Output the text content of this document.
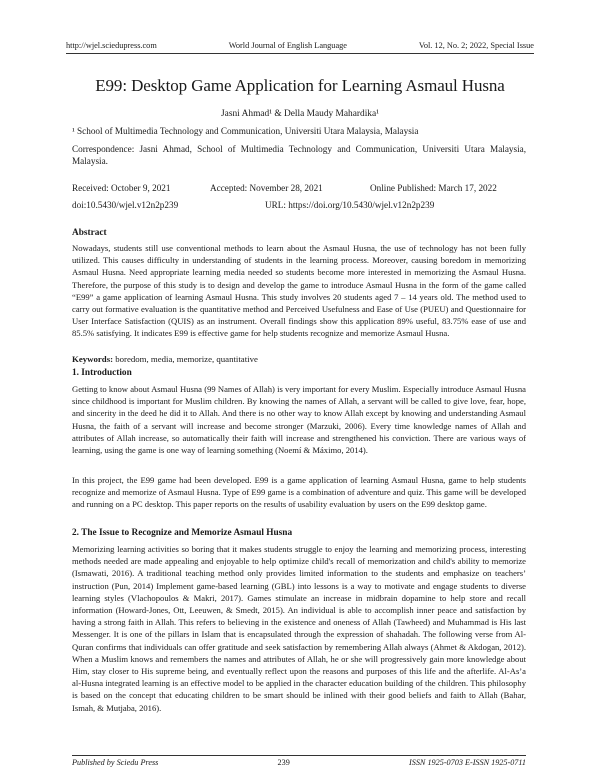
http://wjel.sciedupress.com	World Journal of English Language	Vol. 12, No. 2; 2022, Special Issue
E99: Desktop Game Application for Learning Asmaul Husna
Jasni Ahmad¹ & Della Maudy Mahardika¹
¹ School of Multimedia Technology and Communication, Universiti Utara Malaysia, Malaysia
Correspondence: Jasni Ahmad, School of Multimedia Technology and Communication, Universiti Utara Malaysia, Malaysia.
Received: October 9, 2021	Accepted: November 28, 2021	Online Published: March 17, 2022
doi:10.5430/wjel.v12n2p239	URL: https://doi.org/10.5430/wjel.v12n2p239
Abstract

Nowadays, students still use conventional methods to learn about the Asmaul Husna, the use of technology has not been fully utilized. This causes difficulty in understanding of students in the learning process. Moreover, causing boredom in memorizing Asmaul Husna. Need appropriate learning media needed so students become more interested in memorizing the Asmaul Husna. Therefore, the purpose of this study is to design and develop the game to introduce Asmaul Husna in the form of the game called “E99” a game application of learning Asmaul Husna. This study involves 20 students aged 7 – 14 years old. The method used to carry out formative evaluation is the quantitative method and Perceived Usefulness and Ease of Use (PUEU) and Questionnaire for User Interface Satisfaction (QUIS) as an instrument. Overall findings show this application 89% useful, 83.75% ease of use and 85.5% satisfying. It indicates E99 is effective game for help students recognize and memorize Asmaul Husna.

Keywords: boredom, media, memorize, quantitative
1. Introduction

Getting to know about Asmaul Husna (99 Names of Allah) is very important for every Muslim. Especially introduce Asmaul Husna since childhood is important for Muslim children. By knowing the names of Allah, a servant will be called to give love, fear, hope, and sincerity in the deed he did it to Allah. And there is no other way to know Allah except by knowing and understanding Asmaul Husna, the faith of a servant will increase and become stronger (Marzuki, 2006). Every time knowledge names of Allah and attributes of Allah increase, so automatically their faith will increase and strengthened his conviction. There are various ways of learning, using the game is one way of learning something (Noemí & Máximo, 2014).

In this project, the E99 game had been developed. E99 is a game application of learning Asmaul Husna, game to help students recognize and memorize of Asmaul Husna. Type of E99 game is a combination of adventure and quiz. This game will be developed and running on a PC desktop. This paper reports on the results of usability evaluation by users on the E99 desktop game.

2. The Issue to Recognize and Memorize Asmaul Husna

Memorizing learning activities so boring that it makes students struggle to enjoy the learning and memorizing process, interesting methods needed are made appealing and enjoyable to help optimize child's recall of memorization and child's ability to memorize (Ismawati, 2016). A traditional teaching method only provides limited information to the students and emphasize on teachers’ instruction (Pun, 2014) Implement game-based learning (GBL) into lessons is a way to motivate and engage students to diverse learning styles (Vlachopoulos & Makri, 2017). Games stimulate an increase in midbrain dopamine to help store and recall information (Howard-Jones, Ott, Leeuwen, & Smedt, 2015). An individual is able to accomplish inner peace and satisfaction by having a strong faith in Allah. This refers to believing in the existence and oneness of Allah (Tawheed) and Muhammad is His last Messenger. It is one of the pillars in Islam that is encapsulated through the expression of shahadah. The following verse from Al-Quran confirms that individuals can offer gratitude and seek satisfaction by remembering Allah always (Ahmet & Akdogan, 2012). When a Muslim knows and remembers the names and attributes of Allah, he or she will progressively gain more knowledge about Him, stay closer to His supreme being, and eventually reflect upon the reasons and purposes of this life and the afterlife. Al-As’a al-Husna integrated learning is an effective model to be applied in the character education building of the children. This philosophy is based on the concept that educating children to be smart should be inlined with their good beliefs and faith to Allah (Bahar, Ismah, & Mutjaba, 2016).

Published by Sciedu Press	239	ISSN 1925-0703 E-ISSN 1925-0711
